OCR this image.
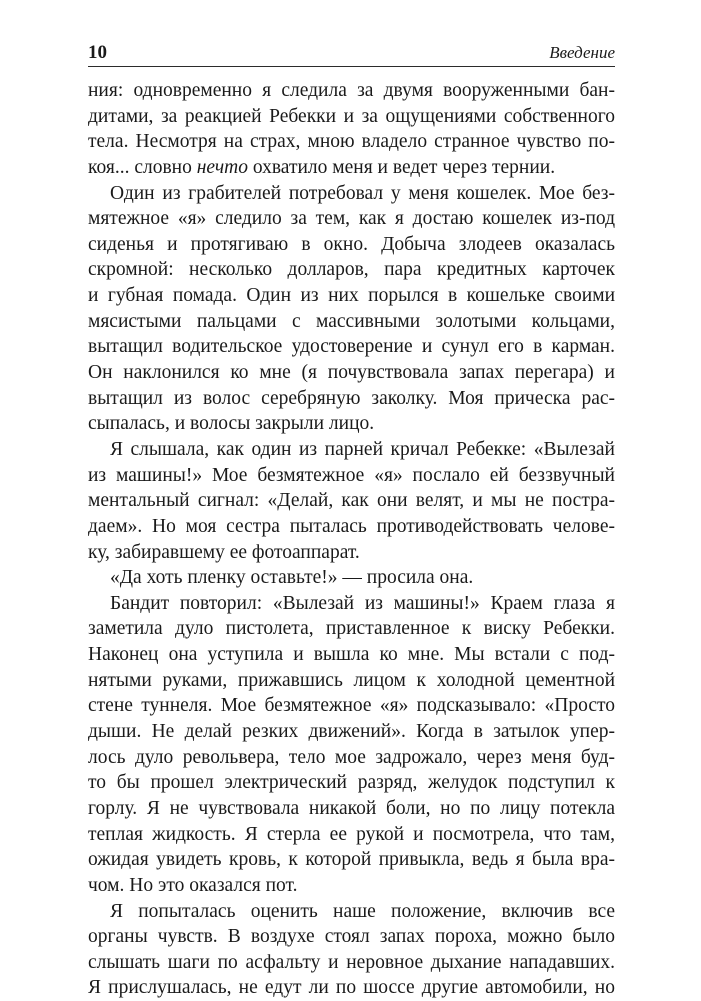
10	Введение
ния: одновременно я следила за двумя вооруженными бан-
дитами, за реакцией Ребекки и за ощущениями собственного
тела. Несмотря на страх, мною владело странное чувство по-
коя... словно нечто охватило меня и ведет через тернии.
Один из грабителей потребовал у меня кошелек. Мое без-
мятежное «я» следило за тем, как я достаю кошелек из-под
сиденья и протягиваю в окно. Добыча злодеев оказалась
скромной: несколько долларов, пара кредитных карточек
и губная помада. Один из них порылся в кошельке своими
мясистыми пальцами с массивными золотыми кольцами,
вытащил водительское удостоверение и сунул его в карман.
Он наклонился ко мне (я почувствовала запах перегара) и
вытащил из волос серебряную заколку. Моя прическа рас-
сыпалась, и волосы закрыли лицо.
Я слышала, как один из парней кричал Ребекке: «Вылезай
из машины!» Мое безмятежное «я» послало ей беззвучный
ментальный сигнал: «Делай, как они велят, и мы не постра-
даем». Но моя сестра пыталась противодействовать челове-
ку, забиравшему ее фотоаппарат.
«Да хоть пленку оставьте!» — просила она.
Бандит повторил: «Вылезай из машины!» Краем глаза я
заметила дуло пистолета, приставленное к виску Ребекки.
Наконец она уступила и вышла ко мне. Мы встали с под-
нятыми руками, прижавшись лицом к холодной цементной
стене туннеля. Мое безмятежное «я» подсказывало: «Просто
дыши. Не делай резких движений». Когда в затылок упер-
лось дуло револьвера, тело мое задрожало, через меня буд-
то бы прошел электрический разряд, желудок подступил к
горлу. Я не чувствовала никакой боли, но по лицу потекла
теплая жидкость. Я стерла ее рукой и посмотрела, что там,
ожидая увидеть кровь, к которой привыкла, ведь я была вра-
чом. Но это оказался пот.
Я попыталась оценить наше положение, включив все
органы чувств. В воздухе стоял запах пороха, можно было
слышать шаги по асфальту и неровное дыхание нападавших.
Я прислушалась, не едут ли по шоссе другие автомобили, но
